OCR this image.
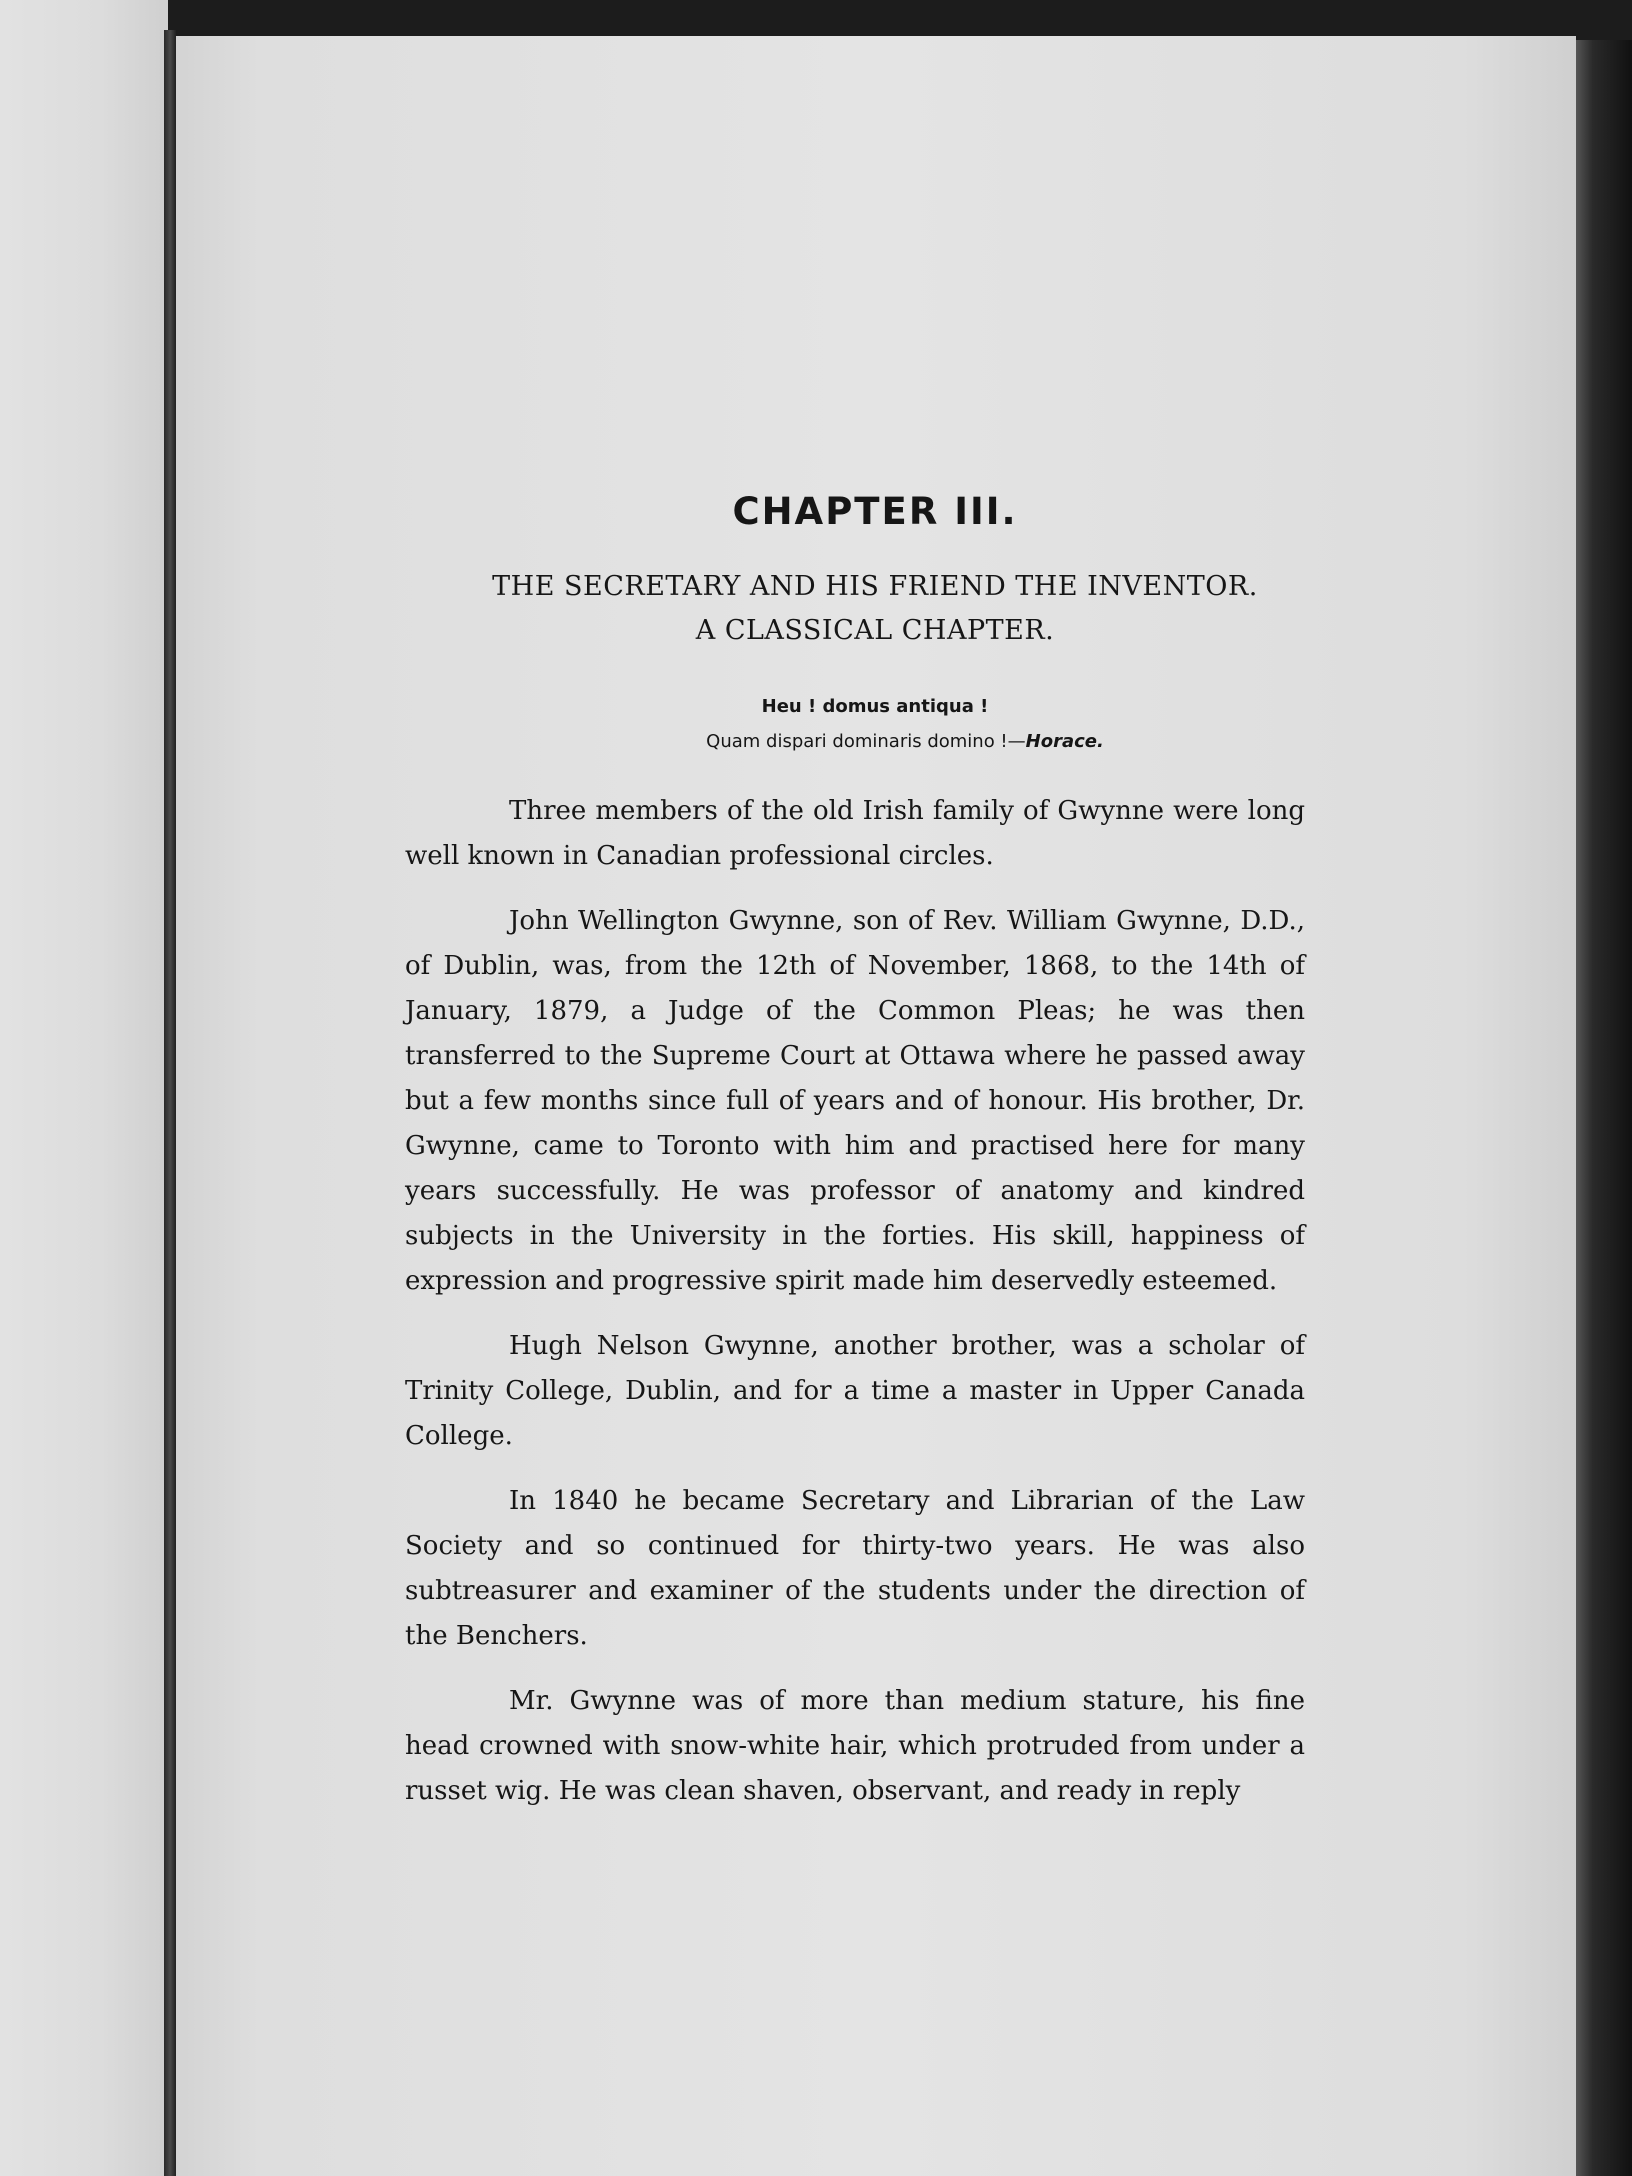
CHAPTER III.

THE SECRETARY AND HIS FRIEND THE INVENTOR.

A CLASSICAL CHAPTER.

Heu ! domus antiqua !
Quam dispari dominaris domino !—Horace.

Three members of the old Irish family of Gwynne were long well known in Canadian professional circles.

John Wellington Gwynne, son of Rev. William Gwynne, D.D., of Dublin, was, from the 12th of November, 1868, to the 14th of January, 1879, a Judge of the Common Pleas; he was then transferred to the Supreme Court at Ottawa where he passed away but a few months since full of years and of honour. His brother, Dr. Gwynne, came to Toronto with him and practised here for many years successfully. He was professor of anatomy and kindred subjects in the University in the forties. His skill, happiness of expression and progressive spirit made him deservedly esteemed.

Hugh Nelson Gwynne, another brother, was a scholar of Trinity College, Dublin, and for a time a master in Upper Canada College.

In 1840 he became Secretary and Librarian of the Law Society and so continued for thirty-two years. He was also subtreasurer and examiner of the students under the direction of the Benchers.

Mr. Gwynne was of more than medium stature, his fine head crowned with snow-white hair, which protruded from under a russet wig. He was clean shaven, observant, and ready in reply
